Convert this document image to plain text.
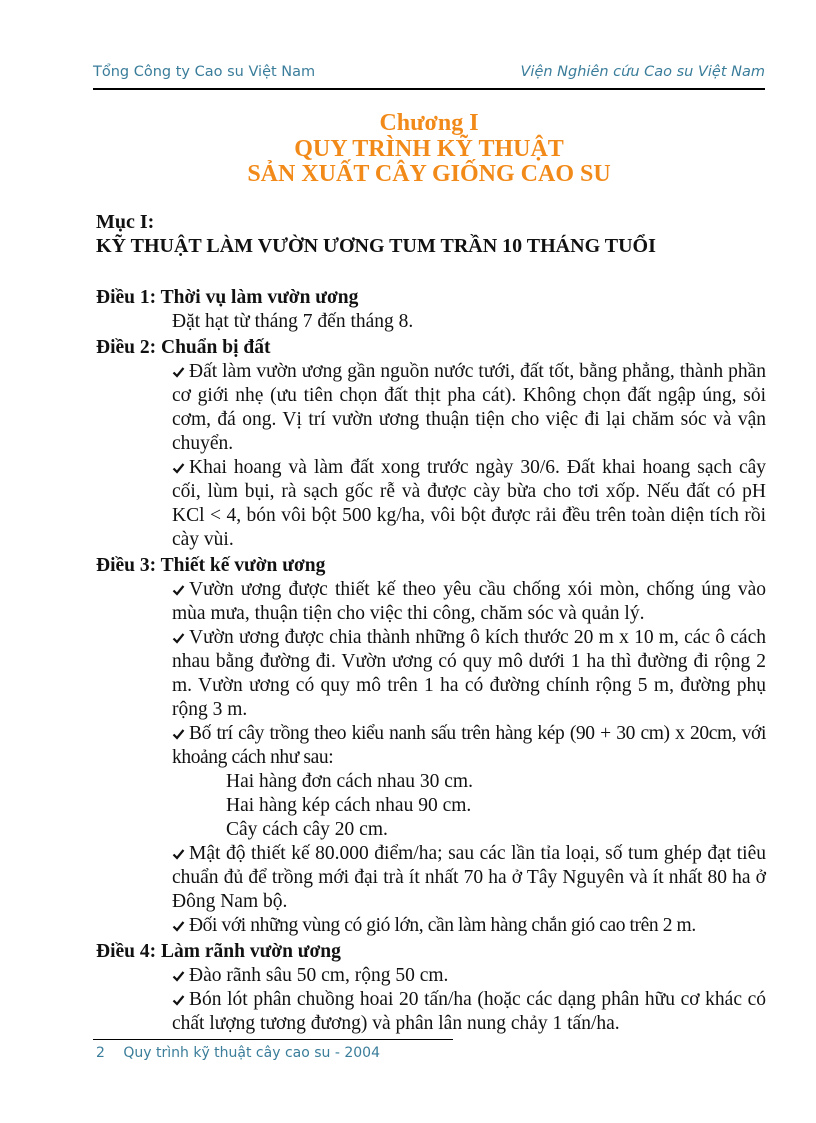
Tổng Công ty Cao su Việt Nam	Viện Nghiên cứu Cao su Việt Nam
Chương I
QUY TRÌNH KỸ THUẬT
SẢN XUẤT CÂY GIỐNG CAO SU
Mục I:
KỸ THUẬT LÀM VƯỜN ƯƠNG TUM TRẦN 10 THÁNG TUỔI
Điều 1: Thời vụ làm vườn ương
Đặt hạt từ tháng 7 đến tháng 8.
Điều 2: Chuẩn bị đất
Đất làm vườn ương gần nguồn nước tưới, đất tốt, bằng phẳng, thành phần cơ giới nhẹ (ưu tiên chọn đất thịt pha cát). Không chọn đất ngập úng, sỏi cơm, đá ong. Vị trí vườn ương thuận tiện cho việc đi lại chăm sóc và vận chuyển.
Khai hoang và làm đất xong trước ngày 30/6. Đất khai hoang sạch cây cối, lùm bụi, rà sạch gốc rễ và được cày bừa cho tơi xốp. Nếu đất có pH KCl < 4, bón vôi bột 500 kg/ha, vôi bột được rải đều trên toàn diện tích rồi cày vùi.
Điều 3: Thiết kế vườn ương
Vườn ương được thiết kế theo yêu cầu chống xói mòn, chống úng vào mùa mưa, thuận tiện cho việc thi công, chăm sóc và quản lý.
Vườn ương được chia thành những ô kích thước 20 m x 10 m, các ô cách nhau bằng đường đi. Vườn ương có quy mô dưới 1 ha thì đường đi rộng 2 m. Vườn ương có quy mô trên 1 ha có đường chính rộng 5 m, đường phụ rộng 3 m.
Bố trí cây trồng theo kiểu nanh sấu trên hàng kép (90 + 30 cm) x 20cm, với khoảng cách như sau:
Hai hàng đơn cách nhau 30 cm.
Hai hàng kép cách nhau 90 cm.
Cây cách cây 20 cm.
Mật độ thiết kế 80.000 điểm/ha; sau các lần tỉa loại, số tum ghép đạt tiêu chuẩn đủ để trồng mới đại trà ít nhất 70 ha ở Tây Nguyên và ít nhất 80 ha ở Đông Nam bộ.
Đối với những vùng có gió lớn, cần làm hàng chắn gió cao trên 2 m.
Điều 4: Làm rãnh vườn ương
Đào rãnh sâu 50 cm, rộng 50 cm.
Bón lót phân chuồng hoai 20 tấn/ha (hoặc các dạng phân hữu cơ khác có chất lượng tương đương) và phân lân nung chảy 1 tấn/ha.
2 Quy trình kỹ thuật cây cao su - 2004
